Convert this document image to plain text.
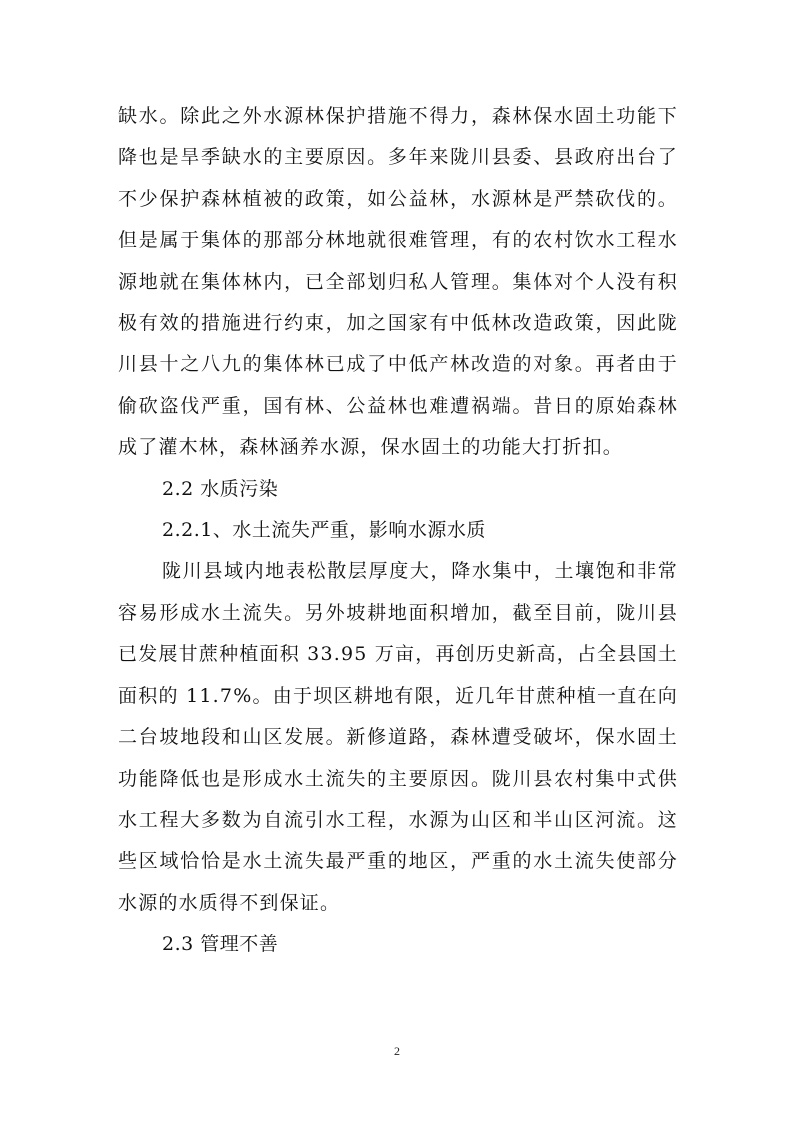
缺水。除此之外水源林保护措施不得力，森林保水固土功能下降也是旱季缺水的主要原因。多年来陇川县委、县政府出台了不少保护森林植被的政策，如公益林，水源林是严禁砍伐的。但是属于集体的那部分林地就很难管理，有的农村饮水工程水源地就在集体林内，已全部划归私人管理。集体对个人没有积极有效的措施进行约束，加之国家有中低林改造政策，因此陇川县十之八九的集体林已成了中低产林改造的对象。再者由于偷砍盗伐严重，国有林、公益林也难遭祸端。昔日的原始森林成了灌木林，森林涵养水源，保水固土的功能大打折扣。

2.2 水质污染

2.2.1、水土流失严重，影响水源水质

陇川县域内地表松散层厚度大，降水集中，土壤饱和非常容易形成水土流失。另外坡耕地面积增加，截至目前，陇川县已发展甘蔗种植面积 33.95 万亩，再创历史新高，占全县国土面积的 11.7%。由于坝区耕地有限，近几年甘蔗种植一直在向二台坡地段和山区发展。新修道路，森林遭受破坏，保水固土功能降低也是形成水土流失的主要原因。陇川县农村集中式供水工程大多数为自流引水工程，水源为山区和半山区河流。这些区域恰恰是水土流失最严重的地区，严重的水土流失使部分水源的水质得不到保证。

2.3 管理不善

2
